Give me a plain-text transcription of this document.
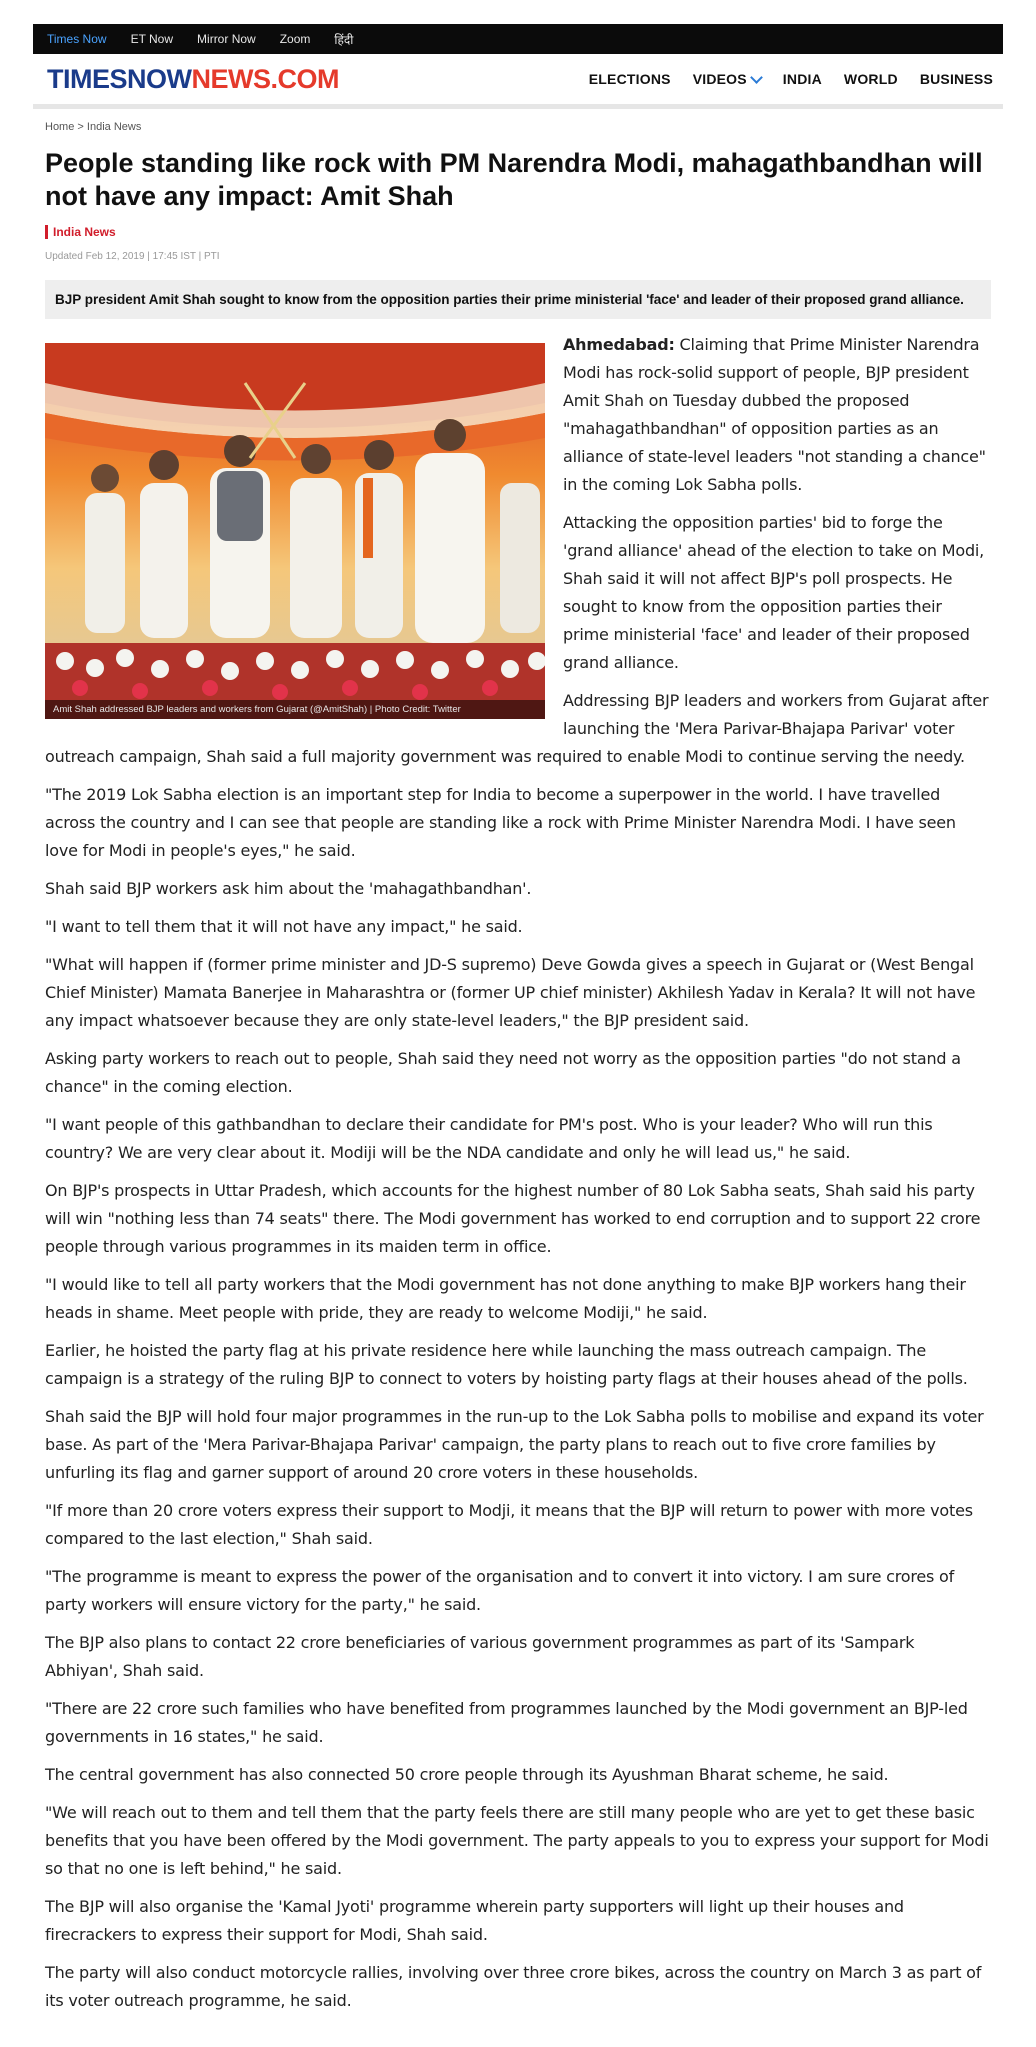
Times Now ET Now Mirror Now Zoom हिंदी
TIMESNOWNEWS.COM	ELECTIONS VIDEOS	INDIA WORLD BUSINESS
Home > India News
People standing like rock with PM Narendra Modi, mahagathbandhan will not have any impact: Amit Shah
India News
Updated Feb 12, 2019 | 17:45 IST | PTI
BJP president Amit Shah sought to know from the opposition parties their prime ministerial 'face' and leader of their proposed grand alliance.
Amit Shah addressed BJP leaders and workers from Gujarat (@AmitShah) | Photo Credit: Twitter

Ahmedabad: Claiming that Prime Minister Narendra Modi has rock-solid support of people, BJP president Amit Shah on Tuesday dubbed the proposed "mahagathbandhan" of opposition parties as an alliance of state-level leaders "not standing a chance" in the coming Lok Sabha polls.

Attacking the opposition parties' bid to forge the 'grand alliance' ahead of the election to take on Modi, Shah said it will not affect BJP's poll prospects. He sought to know from the opposition parties their prime ministerial 'face' and leader of their proposed grand alliance.

Addressing BJP leaders and workers from Gujarat after launching the 'Mera Parivar-Bhajapa Parivar' voter outreach campaign, Shah said a full majority government was required to enable Modi to continue serving the needy.

"The 2019 Lok Sabha election is an important step for India to become a superpower in the world. I have travelled across the country and I can see that people are standing like a rock with Prime Minister Narendra Modi. I have seen love for Modi in people's eyes," he said.

Shah said BJP workers ask him about the 'mahagathbandhan'.

"I want to tell them that it will not have any impact," he said.

"What will happen if (former prime minister and JD-S supremo) Deve Gowda gives a speech in Gujarat or (West Bengal Chief Minister) Mamata Banerjee in Maharashtra or (former UP chief minister) Akhilesh Yadav in Kerala? It will not have any impact whatsoever because they are only state-level leaders," the BJP president said.

Asking party workers to reach out to people, Shah said they need not worry as the opposition parties "do not stand a chance" in the coming election.

"I want people of this gathbandhan to declare their candidate for PM's post. Who is your leader? Who will run this country? We are very clear about it. Modiji will be the NDA candidate and only he will lead us," he said.

On BJP's prospects in Uttar Pradesh, which accounts for the highest number of 80 Lok Sabha seats, Shah said his party will win "nothing less than 74 seats" there. The Modi government has worked to end corruption and to support 22 crore people through various programmes in its maiden term in office.

"I would like to tell all party workers that the Modi government has not done anything to make BJP workers hang their heads in shame. Meet people with pride, they are ready to welcome Modiji," he said.

Earlier, he hoisted the party flag at his private residence here while launching the mass outreach campaign. The campaign is a strategy of the ruling BJP to connect to voters by hoisting party flags at their houses ahead of the polls.

Shah said the BJP will hold four major programmes in the run-up to the Lok Sabha polls to mobilise and expand its voter base. As part of the 'Mera Parivar-Bhajapa Parivar' campaign, the party plans to reach out to five crore families by unfurling its flag and garner support of around 20 crore voters in these households.

"If more than 20 crore voters express their support to Modji, it means that the BJP will return to power with more votes compared to the last election," Shah said.

"The programme is meant to express the power of the organisation and to convert it into victory. I am sure crores of party workers will ensure victory for the party," he said.

The BJP also plans to contact 22 crore beneficiaries of various government programmes as part of its 'Sampark Abhiyan', Shah said.

"There are 22 crore such families who have benefited from programmes launched by the Modi government an BJP-led governments in 16 states," he said.

The central government has also connected 50 crore people through its Ayushman Bharat scheme, he said.

"We will reach out to them and tell them that the party feels there are still many people who are yet to get these basic benefits that you have been offered by the Modi government. The party appeals to you to express your support for Modi so that no one is left behind," he said.

The BJP will also organise the 'Kamal Jyoti' programme wherein party supporters will light up their houses and firecrackers to express their support for Modi, Shah said.

The party will also conduct motorcycle rallies, involving over three crore bikes, across the country on March 3 as part of its voter outreach programme, he said.
